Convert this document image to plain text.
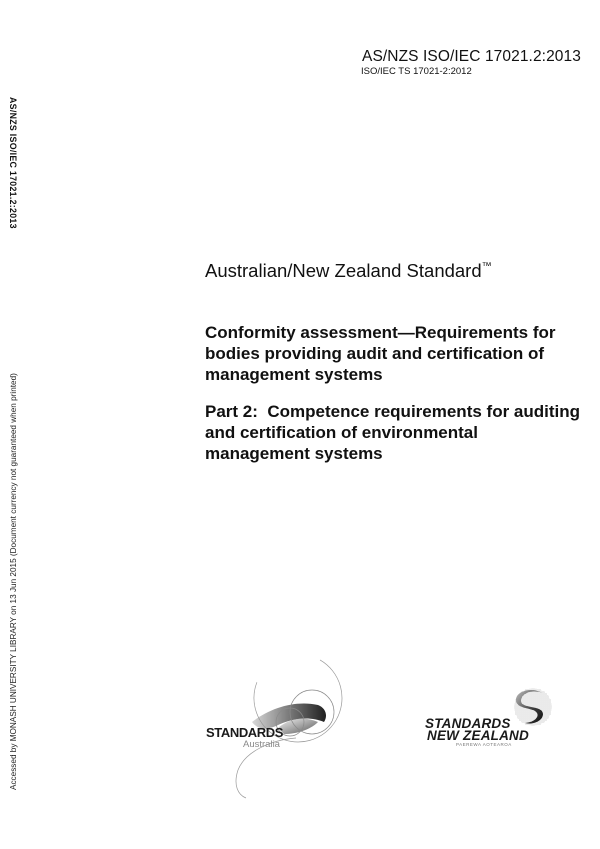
AS/NZS ISO/IEC 17021.2:2013
ISO/IEC TS 17021-2:2012
AS/NZS ISO/IEC 17021.2:2013
Accessed by MONASH UNIVERSITY LIBRARY on 13 Jun 2015 (Document currency not guaranteed when printed)
Australian/New Zealand Standard™
Conformity assessment—Requirements for bodies providing audit and certification of management systems
Part 2:  Competence requirements for auditing and certification of environmental management systems
STANDARDS
Australia
STANDARDS
NEW ZEALAND
PAEREWA AOTEAROA
